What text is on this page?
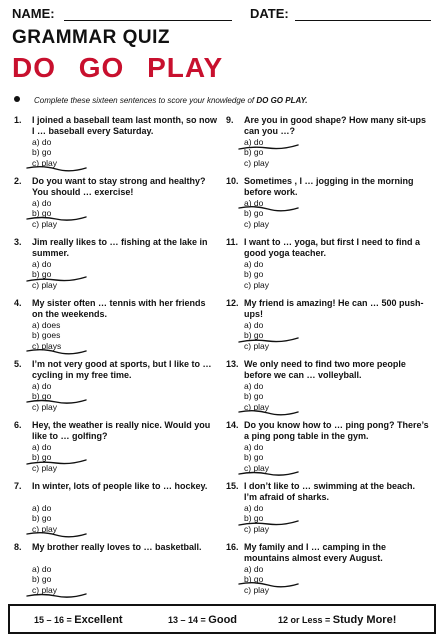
NAME:	DATE:
GRAMMAR QUIZ
DO GO PLAY
Complete these sixteen sentences to score your knowledge of DO GO PLAY.
1.	I joined a baseball team last month, so now I … baseball every Saturday.
a) do
b) go
c) play
2.	Do you want to stay strong and healthy? You should … exercise!
a) do
b) go
c) play
3.	Jim really likes to … fishing at the lake in summer.
a) do
b) go
c) play
4.	My sister often … tennis with her friends on the weekends.
a) does
b) goes
c) plays
5.	I’m not very good at sports, but I like to … cycling in my free time.
a) do
b) go
c) play
6.	Hey, the weather is really nice. Would you like to … golfing?
a) do
b) go
c) play
7.	In winter, lots of people like to … hockey.
a) do
b) go
c) play
8.	My brother really loves to … basketball.
a) do
b) go
c) play
9.	Are you in good shape? How many sit-ups can you …?
a) do
b) go
c) play
10. Sometimes , I … jogging in the morning before work.
a) do
b) go
c) play
11. I want to … yoga, but first I need to find a good yoga teacher.
a) do
b) go
c) play
12. My friend is amazing! He can … 500 push-ups!
a) do
b) go
c) play
13. We only need to find two more people before we can … volleyball.
a) do
b) go
c) play
14. Do you know how to … ping pong? There’s a ping pong table in the gym.
a) do
b) go
c) play
15. I don’t like to … swimming at the beach. I’m afraid of sharks.
a) do
b) go
c) play
16. My family and I … camping in the mountains almost every August.
a) do
b) go
c) play
15 – 16 = Excellent	13 – 14 = Good	12 or Less = Study More!
